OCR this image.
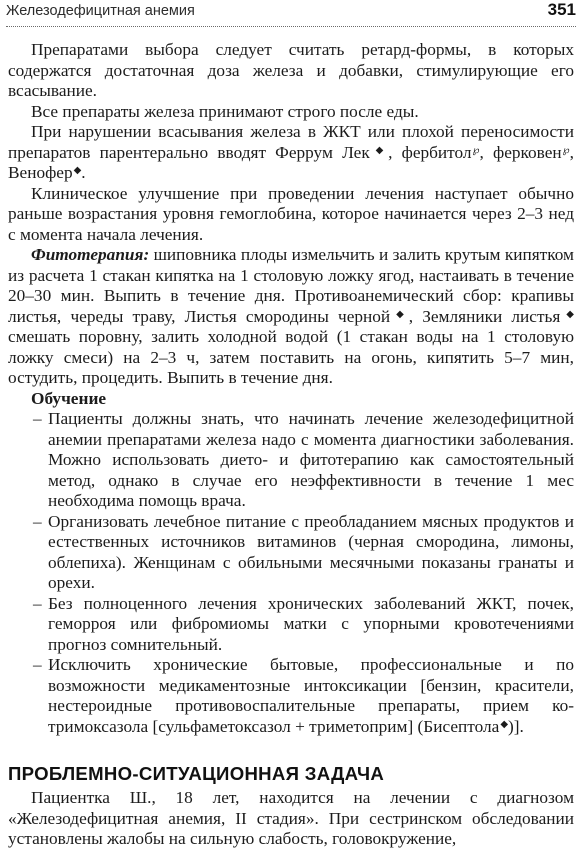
Железодефицитная анемия	351

Препаратами выбора следует считать ретард-формы, в которых содержатся достаточная доза железа и добавки, стимулирующие его всасывание.

Все препараты железа принимают строго после еды.

При нарушении всасывания железа в ЖКТ или плохой переносимости препаратов парентерально вводят Феррум Лек◆, фербитол℘, ферковен℘, Венофер◆.

Клиническое улучшение при проведении лечения наступает обычно раньше возрастания уровня гемоглобина, которое начинается через 2–3 нед с момента начала лечения.

Фитотерапия: шиповника плоды измельчить и залить крутым кипятком из расчета 1 стакан кипятка на 1 столовую ложку ягод, настаивать в течение 20–30 мин. Выпить в течение дня. Противоанемический сбор: крапивы листья, череды траву, Листья смородины черной◆, Земляники листья◆ смешать поровну, залить холодной водой (1 стакан воды на 1 столовую ложку смеси) на 2–3 ч, затем поставить на огонь, кипятить 5–7 мин, остудить, процедить. Выпить в течение дня.

Обучение
– Пациенты должны знать, что начинать лечение железодефицитной анемии препаратами железа надо с момента диагностики заболевания. Можно использовать дието- и фитотерапию как самостоятельный метод, однако в случае его неэффективности в течение 1 мес необходима помощь врача.
– Организовать лечебное питание с преобладанием мясных продуктов и естественных источников витаминов (черная смородина, лимоны, облепиха). Женщинам с обильными месячными показаны гранаты и орехи.
– Без полноценного лечения хронических заболеваний ЖКТ, почек, геморроя или фибромиомы матки с упорными кровотечениями прогноз сомнительный.
– Исключить хронические бытовые, профессиональные и по возможности медикаментозные интоксикации [бензин, красители, нестероидные противовоспалительные препараты, прием ко-тримоксазола [сульфаметоксазол + триметоприм] (Бисептола◆)].
ПРОБЛЕМНО-СИТУАЦИОННАЯ ЗАДАЧА

Пациентка Ш., 18 лет, находится на лечении с диагнозом «Железодефицитная анемия, II стадия». При сестринском обследовании установлены жалобы на сильную слабость, головокружение,
